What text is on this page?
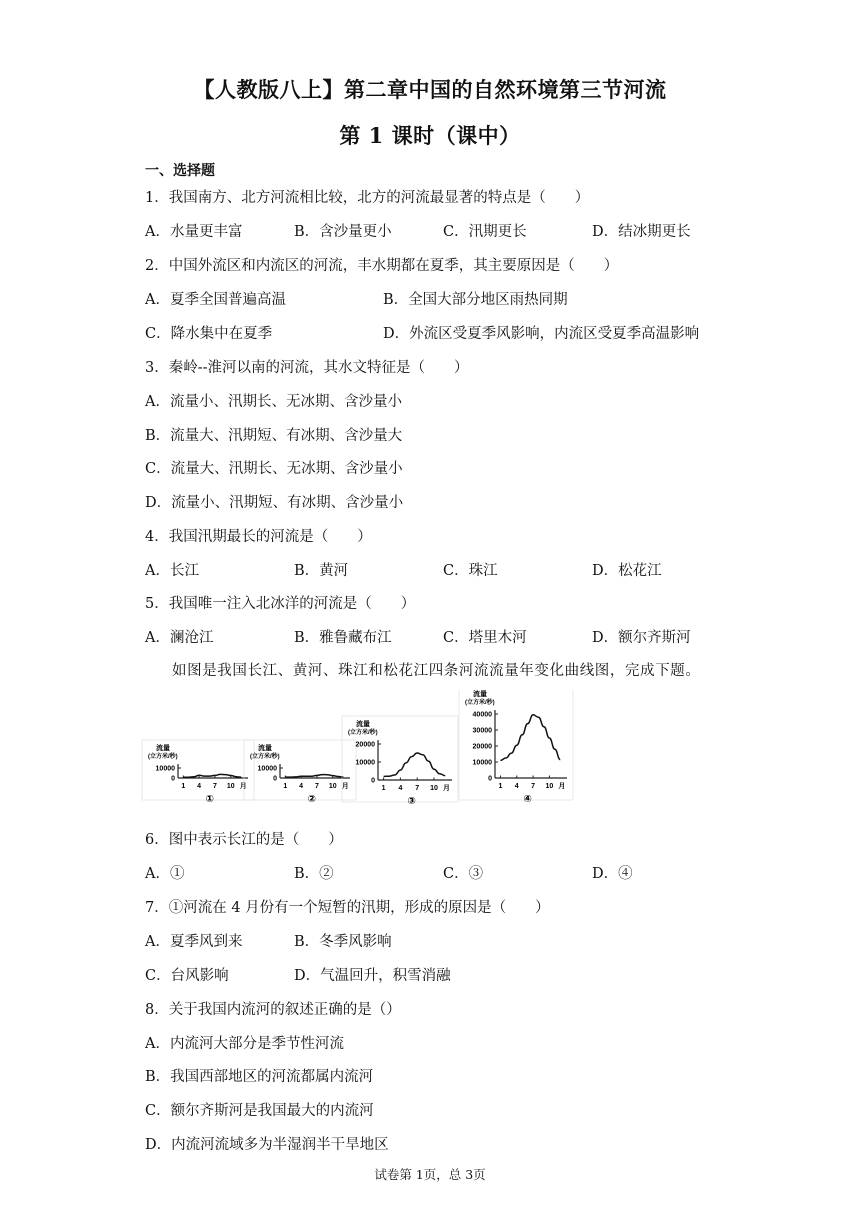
【人教版八上】第二章中国的自然环境第三节河流
第 1 课时（课中）
一、选择题
1．我国南方、北方河流相比较，北方的河流最显著的特点是（　　）
A．水量更丰富	B．含沙量更小	C．汛期更长	D．结冰期更长
2．中国外流区和内流区的河流，丰水期都在夏季，其主要原因是（　　）
A．夏季全国普遍高温	B．全国大部分地区雨热同期
C．降水集中在夏季	D．外流区受夏季风影响，内流区受夏季高温影响
3．秦岭--淮河以南的河流，其水文特征是（　　）
A．流量小、汛期长、无冰期、含沙量小
B．流量大、汛期短、有冰期、含沙量大
C．流量大、汛期长、无冰期、含沙量小
D．流量小、汛期短、有冰期、含沙量小
4．我国汛期最长的河流是（　　）
A．长江	B．黄河	C．珠江	D．松花江
5．我国唯一注入北冰洋的河流是（　　）
A．澜沧江	B．雅鲁藏布江	C．塔里木河	D．额尔齐斯河
如图是我国长江、黄河、珠江和松花江四条河流流量年变化曲线图，完成下题。
流量
(立方米/秒)
0
10000
1 4 7 10 月
①
流量
(立方米/秒)
0
10000
1 4 7 10 月
②
流量
(立方米/秒)
0
10000
20000
1 4 7 10 月
③
流量
(立方米/秒)
0
10000
20000
30000
40000
1 4 7 10 月
④
6．图中表示长江的是（　　）
A．①	B．②	C．③	D．④
7．①河流在 4 月份有一个短暂的汛期，形成的原因是（　　）
A．夏季风到来	B．冬季风影响
C．台风影响	D．气温回升，积雪消融
8．关于我国内流河的叙述正确的是（）
A．内流河大部分是季节性河流
B．我国西部地区的河流都属内流河
C．额尔齐斯河是我国最大的内流河
D．内流河流域多为半湿润半干旱地区
试卷第 1页，总 3页
